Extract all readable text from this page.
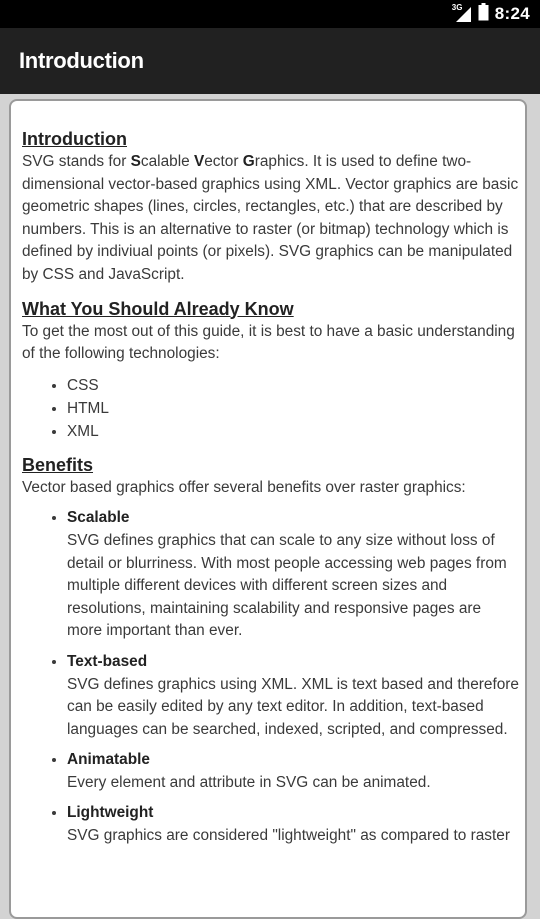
3G 8:24
Introduction
Introduction

SVG stands for Scalable Vector Graphics. It is used to define two-dimensional vector-based graphics using XML. Vector graphics are basic geometric shapes (lines, circles, rectangles, etc.) that are described by numbers. This is an alternative to raster (or bitmap) technology which is defined by indiviual points (or pixels). SVG graphics can be manipulated by CSS and JavaScript.

What You Should Already Know

To get the most out of this guide, it is best to have a basic understanding of the following technologies:

• CSS
• HTML
• XML
Benefits

Vector based graphics offer several benefits over raster graphics:

• Scalable
SVG defines graphics that can scale to any size without loss of detail or blurriness. With most people accessing web pages from multiple different devices with different screen sizes and resolutions, maintaining scalability and responsive pages are more important than ever.
• Text-based
SVG defines graphics using XML. XML is text based and therefore can be easily edited by any text editor. In addition, text-based languages can be searched, indexed, scripted, and compressed.
• Animatable
Every element and attribute in SVG can be animated.
• Lightweight
SVG graphics are considered "lightweight" as compared to raster
